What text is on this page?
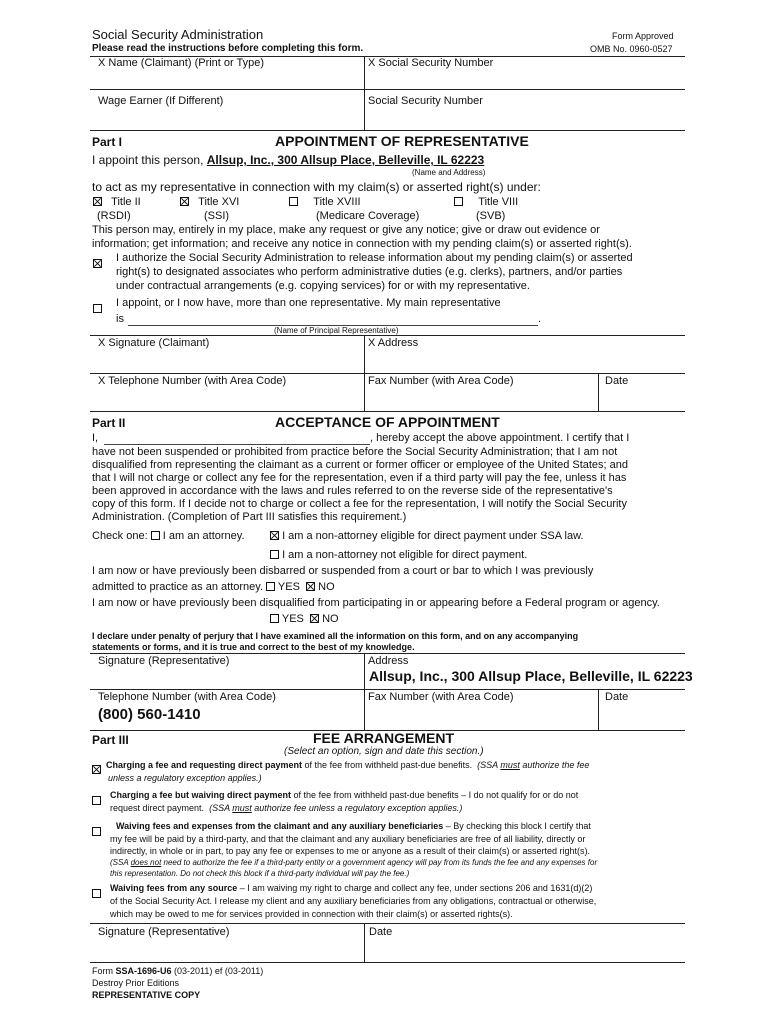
Social Security Administration
Please read the instructions before completing this form.
Form Approved
OMB No. 0960-0527
X Name (Claimant) (Print or Type)	X Social Security Number
Wage Earner (If Different)	Social Security Number
Part I	APPOINTMENT OF REPRESENTATIVE
I appoint this person, Allsup, Inc., 300 Allsup Place, Belleville, IL 62223
(Name and Address)
to act as my representative in connection with my claim(s) or asserted right(s) under:
Title II
(RSDI)
Title XVI
(SSI)
Title XVIII
(Medicare Coverage)
Title VIII
(SVB)
This person may, entirely in my place, make any request or give any notice; give or draw out evidence or
information; get information; and receive any notice in connection with my pending claim(s) or asserted right(s).
I authorize the Social Security Administration to release information about my pending claim(s) or asserted
right(s) to designated associates who perform administrative duties (e.g. clerks), partners, and/or parties
under contractual arrangements (e.g. copying services) for or with my representative.
I appoint, or I now have, more than one representative. My main representative
is	.
(Name of Principal Representative)
X Signature (Claimant)	X Address
X Telephone Number (with Area Code)	Fax Number (with Area Code)	Date
Part II	ACCEPTANCE OF APPOINTMENT
I,	, hereby accept the above appointment. I certify that I
have not been suspended or prohibited from practice before the Social Security Administration; that I am not
disqualified from representing the claimant as a current or former officer or employee of the United States; and
that I will not charge or collect any fee for the representation, even if a third party will pay the fee, unless it has
been approved in accordance with the laws and rules referred to on the reverse side of the representative's
copy of this form. If I decide not to charge or collect a fee for the representation, I will notify the Social Security
Administration. (Completion of Part III satisfies this requirement.)
Check one: I am an attorney.	I am a non-attorney eligible for direct payment under SSA law.
I am a non-attorney not eligible for direct payment.
I am now or have previously been disbarred or suspended from a court or bar to which I was previously
admitted to practice as an attorney. YES NO
I am now or have previously been disqualified from participating in or appearing before a Federal program or agency.
YES NO
I declare under penalty of perjury that I have examined all the information on this form, and on any accompanying
statements or forms, and it is true and correct to the best of my knowledge.
Signature (Representative)	Address
Allsup, Inc., 300 Allsup Place, Belleville, IL 62223
Telephone Number (with Area Code)
(800) 560-1410
Fax Number (with Area Code)	Date
Part III	FEE ARRANGEMENT
(Select an option, sign and date this section.)
Charging a fee and requesting direct payment of the fee from withheld past-due benefits. (SSA must authorize the fee
unless a regulatory exception applies.)
Charging a fee but waiving direct payment of the fee from withheld past-due benefits – I do not qualify for or do not
request direct payment. (SSA must authorize fee unless a regulatory exception applies.)
Waiving fees and expenses from the claimant and any auxiliary beneficiaries – By checking this block I certify that
my fee will be paid by a third-party, and that the claimant and any auxiliary beneficiaries are free of all liability, directly or
indirectly, in whole or in part, to pay any fee or expenses to me or anyone as a result of their claim(s) or asserted right(s).
(SSA does not need to authorize the fee if a third-party entity or a government agency will pay from its funds the fee and any expenses for
this representation. Do not check this block if a third-party individual will pay the fee.)
Waiving fees from any source – I am waiving my right to charge and collect any fee, under sections 206 and 1631(d)(2)
of the Social Security Act. I release my client and any auxiliary beneficiaries from any obligations, contractual or otherwise,
which may be owed to me for services provided in connection with their claim(s) or asserted rights(s).
Signature (Representative)	Date
Form SSA-1696-U6 (03-2011) ef (03-2011)
Destroy Prior Editions
REPRESENTATIVE COPY
